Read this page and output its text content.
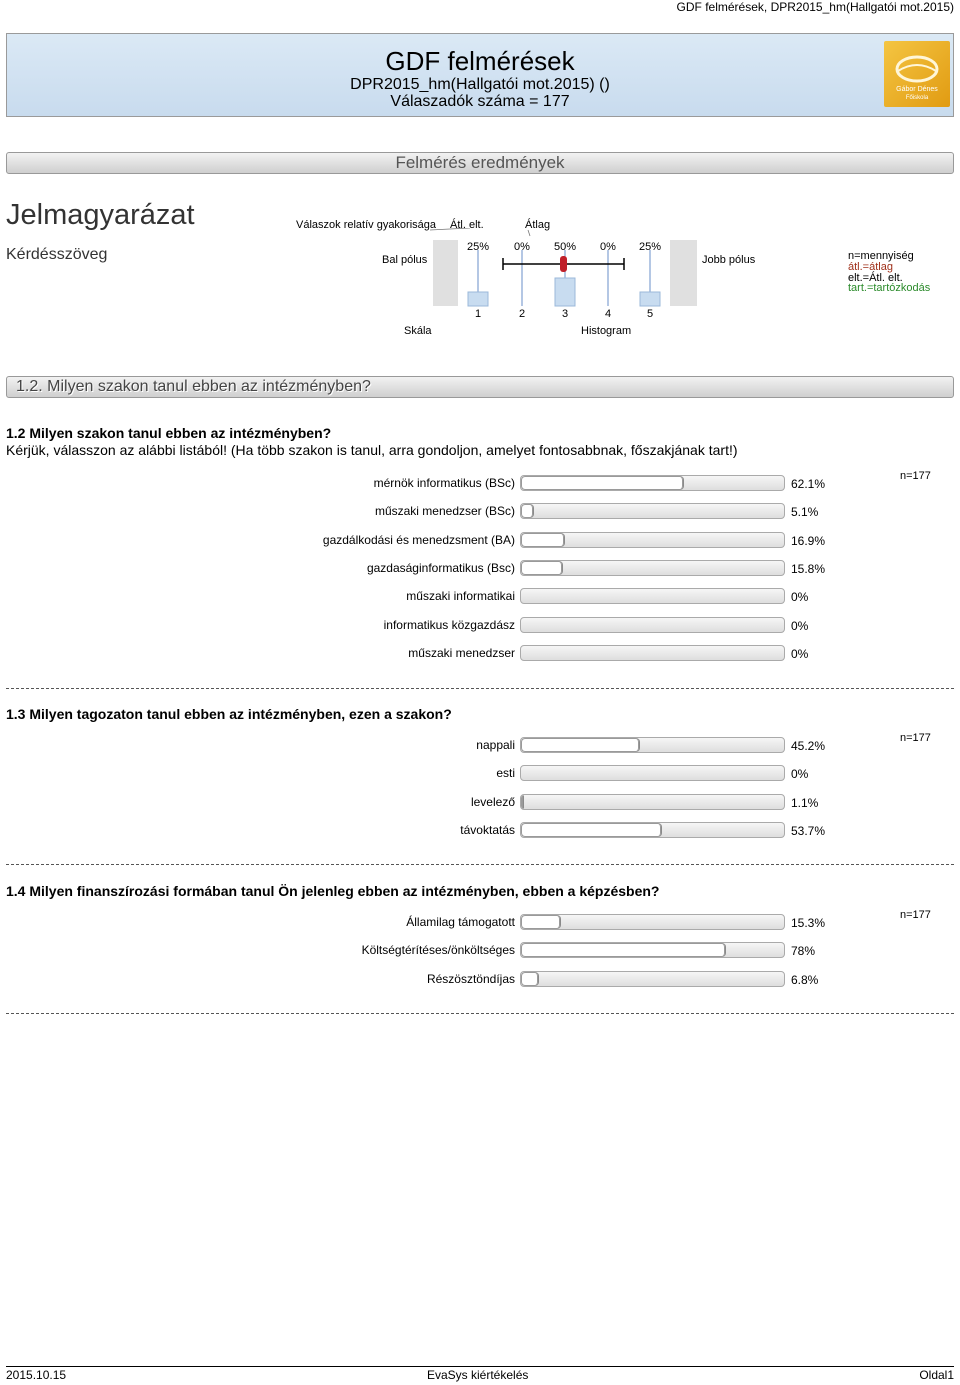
GDF felmérések, DPR2015_hm(Hallgatói mot.2015)
GDF felmérések
DPR2015_hm(Hallgatói mot.2015) ()
Válaszadók száma = 177
Gábor Dénes
Főiskola
Felmérés eredmények
Jelmagyarázat
Kérdésszöveg
Válaszok relatív gyakorisága Átl. elt.	Átlag
Bal pólus	Jobb pólus
Skála	Histogram
25% 0% 50% 0% 25%
1	2	3	4	5
n=mennyiség
átl.=átlag
elt.=Átl. elt.
tart.=tartózkodás
1.2. Milyen szakon tanul ebben az intézményben?
1.2 Milyen szakon tanul ebben az intézményben?
Kérjük, válasszon az alábbi listából! (Ha több szakon is tanul, arra gondoljon, amelyet fontosabbnak, főszakjának tart!)
n=177
mérnök informatikus (BSc)	62.1%
műszaki menedzser (BSc)	5.1%
gazdálkodási és menedzsment (BA)	16.9%
gazdaságinformatikus (Bsc)	15.8%
műszaki informatikai	0%
informatikus közgazdász	0%
műszaki menedzser	0%
1.3 Milyen tagozaton tanul ebben az intézményben, ezen a szakon?
n=177
nappali	45.2%
esti	0%
levelező	1.1%
távoktatás	53.7%
1.4 Milyen finanszírozási formában tanul Ön jelenleg ebben az intézményben, ebben a képzésben?
n=177
Államilag támogatott	15.3%
Költségtérítéses/önköltséges	78%
Részösztöndíjas	6.8%
2015.10.15	EvaSys kiértékelés	Oldal1
